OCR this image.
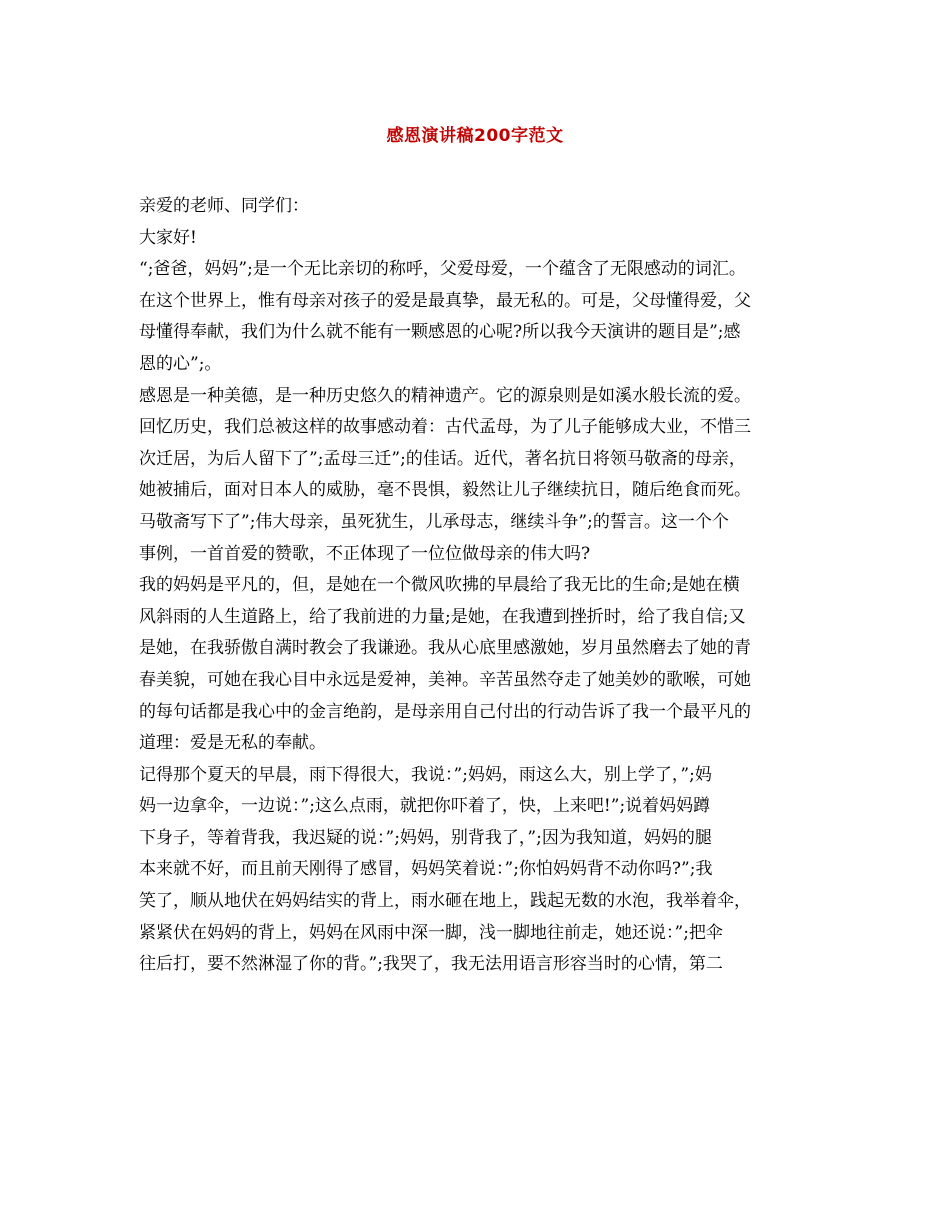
感恩演讲稿200字范文
亲爱的老师、同学们：
大家好!
“;爸爸，妈妈”;是一个无比亲切的称呼，父爱母爱，一个蕴含了无限感动的词汇。
在这个世界上，惟有母亲对孩子的爱是最真挚，最无私的。可是，父母懂得爱，父
母懂得奉献，我们为什么就不能有一颗感恩的心呢?所以我今天演讲的题目是”;感
恩的心”;。
感恩是一种美德，是一种历史悠久的精神遗产。它的源泉则是如溪水般长流的爱。
回忆历史，我们总被这样的故事感动着：古代孟母，为了儿子能够成大业，不惜三
次迁居，为后人留下了”;孟母三迁”;的佳话。近代，著名抗日将领马敬斋的母亲，
她被捕后，面对日本人的威胁，毫不畏惧，毅然让儿子继续抗日，随后绝食而死。
马敬斋写下了”;伟大母亲，虽死犹生，儿承母志，继续斗争”;的誓言。这一个个
事例，一首首爱的赞歌，不正体现了一位位做母亲的伟大吗?
我的妈妈是平凡的，但，是她在一个微风吹拂的早晨给了我无比的生命;是她在横
风斜雨的人生道路上，给了我前进的力量;是她，在我遭到挫折时，给了我自信;又
是她，在我骄傲自满时教会了我谦逊。我从心底里感激她，岁月虽然磨去了她的青
春美貌，可她在我心目中永远是爱神，美神。辛苦虽然夺走了她美妙的歌喉，可她
的每句话都是我心中的金言绝韵，是母亲用自己付出的行动告诉了我一个最平凡的
道理：爱是无私的奉献。
记得那个夏天的早晨，雨下得很大，我说：”;妈妈，雨这么大，别上学了，”;妈
妈一边拿伞，一边说：”;这么点雨，就把你吓着了，快，上来吧!”;说着妈妈蹲
下身子，等着背我，我迟疑的说：”;妈妈，别背我了，”;因为我知道，妈妈的腿
本来就不好，而且前天刚得了感冒，妈妈笑着说：”;你怕妈妈背不动你吗?”;我
笑了，顺从地伏在妈妈结实的背上，雨水砸在地上，践起无数的水泡，我举着伞，
紧紧伏在妈妈的背上，妈妈在风雨中深一脚，浅一脚地往前走，她还说：”;把伞
往后打，要不然淋湿了你的背。”;我哭了，我无法用语言形容当时的心情，第二
